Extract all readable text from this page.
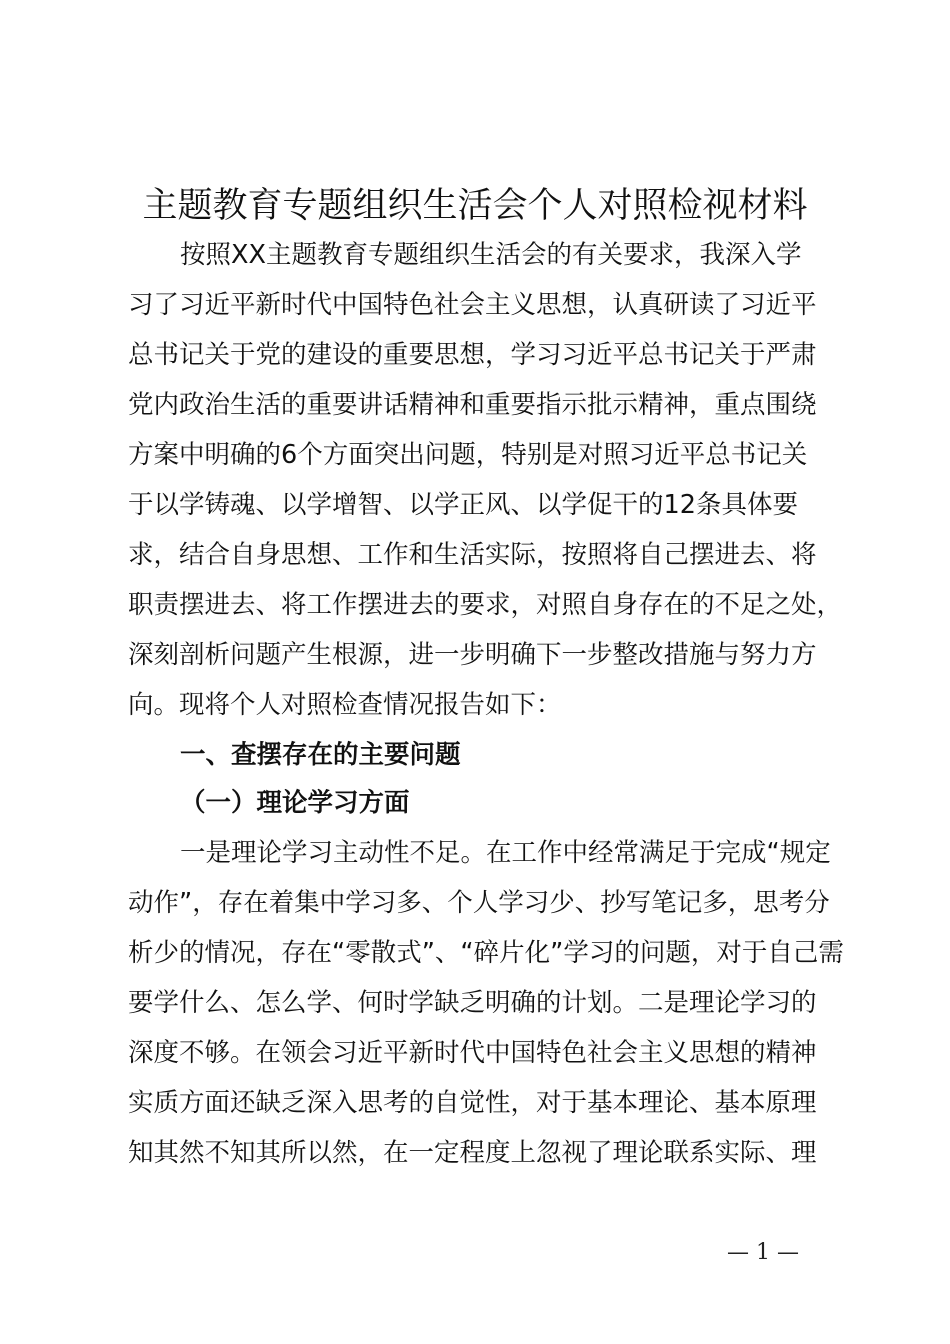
主题教育专题组织生活会个人对照检视材料

按照XX主题教育专题组织生活会的有关要求，我深入学

习了习近平新时代中国特色社会主义思想，认真研读了习近平

总书记关于党的建设的重要思想，学习习近平总书记关于严肃

党内政治生活的重要讲话精神和重要指示批示精神，重点围绕

方案中明确的6个方面突出问题，特别是对照习近平总书记关

于以学铸魂、以学增智、以学正风、以学促干的12条具体要

求，结合自身思想、工作和生活实际，按照将自己摆进去、将

职责摆进去、将工作摆进去的要求，对照自身存在的不足之处，

深刻剖析问题产生根源，进一步明确下一步整改措施与努力方

向。现将个人对照检查情况报告如下：

一、查摆存在的主要问题

（一）理论学习方面

一是理论学习主动性不足。在工作中经常满足于完成“规定

动作”，存在着集中学习多、个人学习少、抄写笔记多，思考分

析少的情况，存在“零散式”、“碎片化”学习的问题，对于自己需

要学什么、怎么学、何时学缺乏明确的计划。二是理论学习的

深度不够。在领会习近平新时代中国特色社会主义思想的精神

实质方面还缺乏深入思考的自觉性，对于基本理论、基本原理

知其然不知其所以然，在一定程度上忽视了理论联系实际、理

— 1 —
